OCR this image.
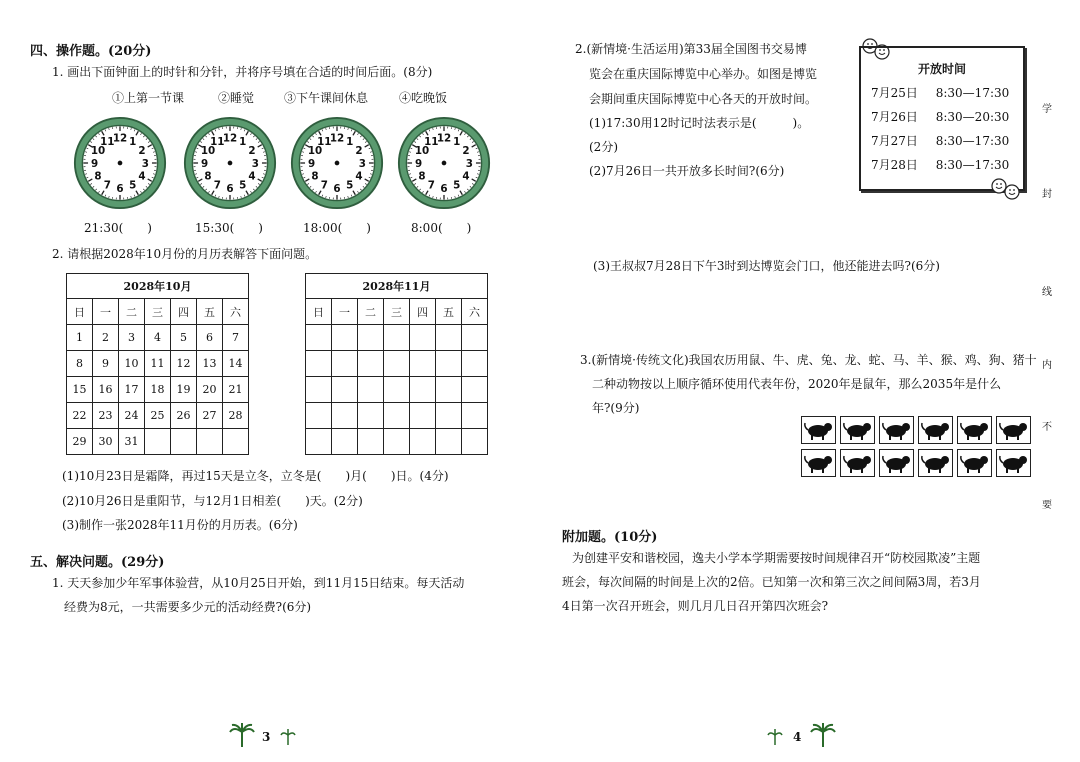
四、操作题。(20分)
1. 画出下面钟面上的时针和分针，并将序号填在合适的时间后面。(8分)
①上第一节课	②睡觉 ③下午课间休息	④吃晚饭
12 1
2
3
4
5
6
7
8
9
10
11	12 1
2
3
4
5
6
7
8
9
10
11	12 1
2
3
4
5
6
7
8
9
10
11	12 1
2
3
4
5
6
7
8
9
10
11
21:30(　　)	15:30(　　)	18:00(　　)	8:00(　　)
2. 请根据2028年10月份的月历表解答下面问题。
2028年10月						
日	一	二	三	四	五	六
1	2	3	4	5	6	7
8	9	10	11	12	13	14
15	16	17	18	19	20	21
22	23	24	25	26	27	28
29	30	31				
2028年11月						
日	一	二	三	四	五	六

(1)10月23日是霜降，再过15天是立冬，立冬是(　　)月(　　)日。(4分)
(2)10月26日是重阳节，与12月1日相差(　　)天。(2分)
(3)制作一张2028年11月份的月历表。(6分)
五、解决问题。(29分)
1. 天天参加少年军事体验营，从10月25日开始，到11月15日结束。每天活动
经费为8元，一共需要多少元的活动经费?(6分)
3
2.(新情境·生活运用)第33届全国图书交易博
览会在重庆国际博览中心举办。如图是博览
会期间重庆国际博览中心各天的开放时间。
(1)17:30用12时记时法表示是(　　　)。
(2分)
(2)7月26日一共开放多长时间?(6分)
开放时间
7月25日 8:30—17:30
7月26日 8:30—20:30
7月27日 8:30—17:30
7月28日 8:30—17:30
(3)王叔叔7月28日下午3时到达博览会门口，他还能进去吗?(6分)
3.(新情境·传统文化)我国农历用鼠、牛、虎、兔、龙、蛇、马、羊、猴、鸡、狗、猪十
二种动物按以上顺序循环使用代表年份，2020年是鼠年，那么2035年是什么
年?(9分)
附加题。(10分)
为创建平安和谐校园，逸夫小学本学期需要按时间规律召开“防校园欺凌”主题
班会，每次间隔的时间是上次的2倍。已知第一次和第三次之间间隔3周，若3月
4日第一次召开班会，则几月几日召开第四次班会?
学
封
线
内
不
要
4
